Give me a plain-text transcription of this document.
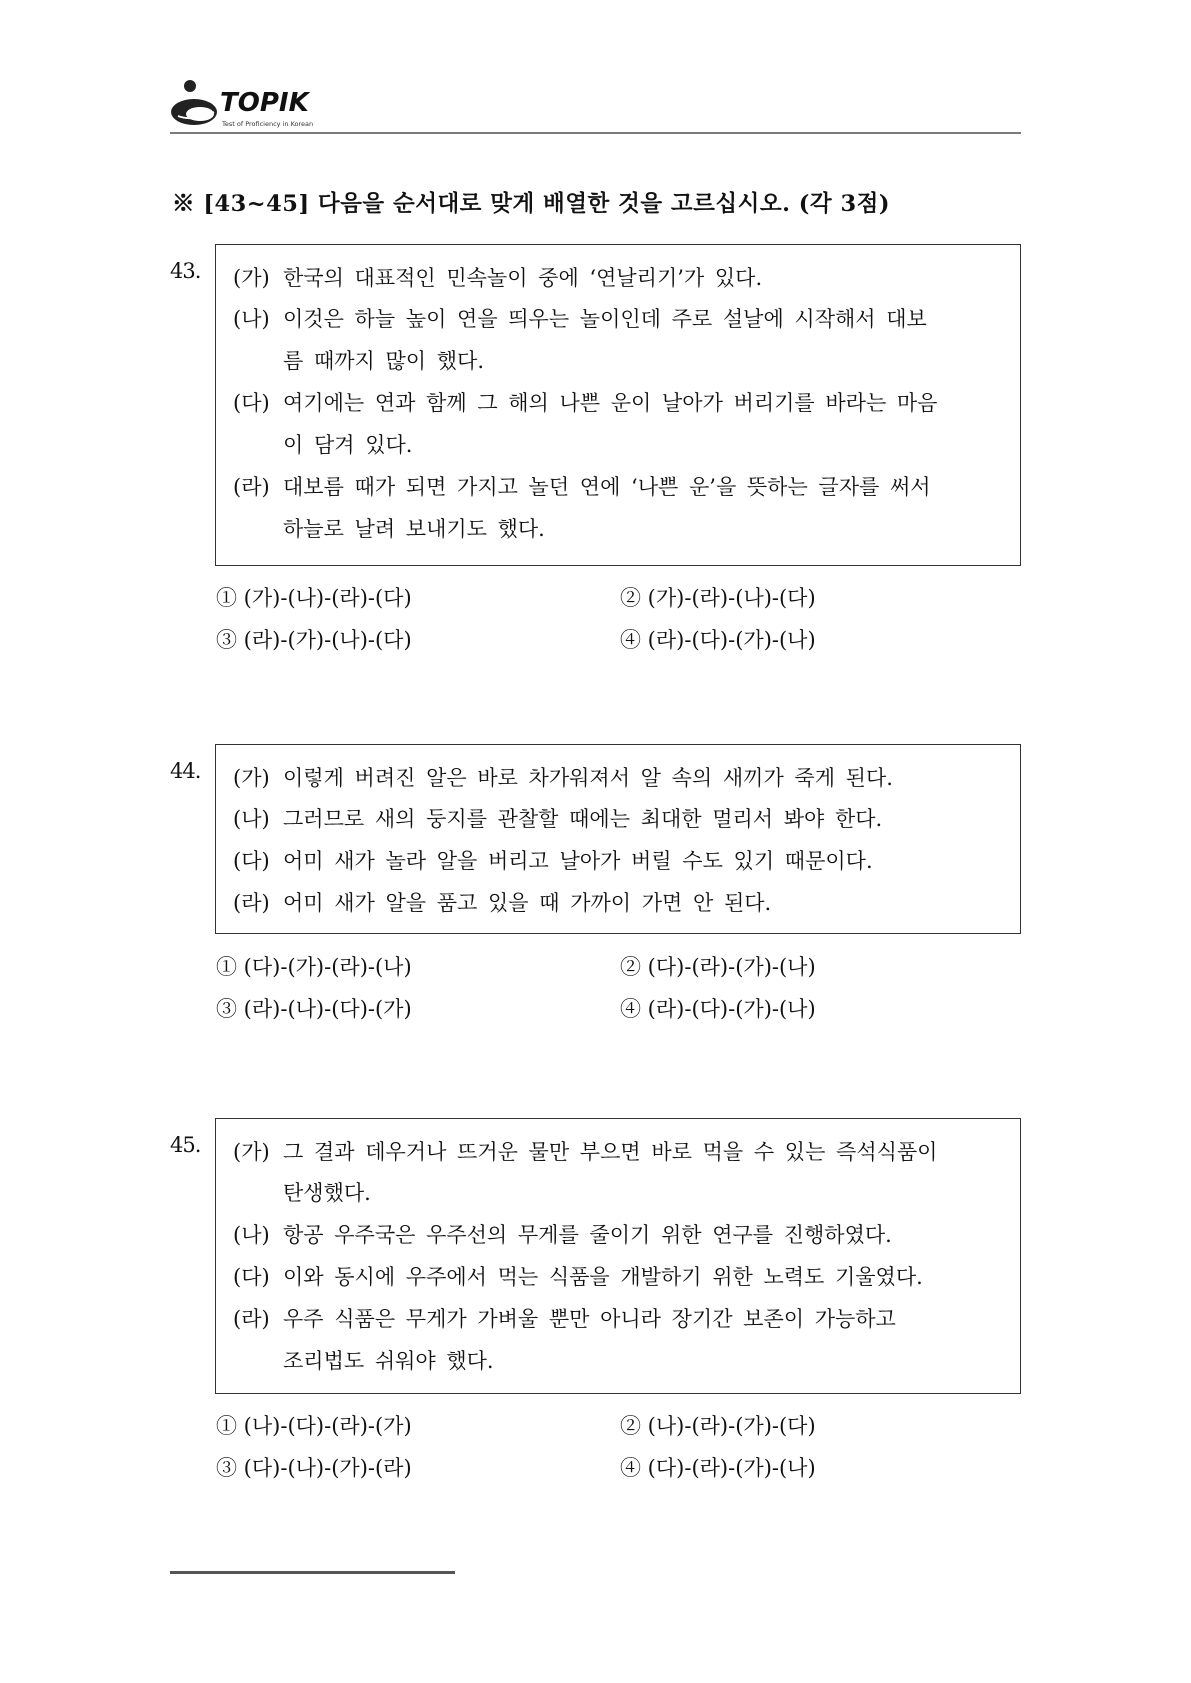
TOPIK
Test of Proficiency in Korean
※ [43~45] 다음을 순서대로 맞게 배열한 것을 고르십시오. (각 3점)
43. (가) 한국의 대표적인 민속놀이 중에 ‘연날리기’가 있다.
(나) 이것은 하늘 높이 연을 띄우는 놀이인데 주로 설날에 시작해서 대보
름 때까지 많이 했다.
(다) 여기에는 연과 함께 그 해의 나쁜 운이 날아가 버리기를 바라는 마음
이 담겨 있다.
(라) 대보름 때가 되면 가지고 놀던 연에 ‘나쁜 운’을 뜻하는 글자를 써서
하늘로 날려 보내기도 했다.
① (가)-(나)-(라)-(다)	② (가)-(라)-(나)-(다)
③ (라)-(가)-(나)-(다)	④ (라)-(다)-(가)-(나)
44. (가) 이렇게 버려진 알은 바로 차가워져서 알 속의 새끼가 죽게 된다.
(나) 그러므로 새의 둥지를 관찰할 때에는 최대한 멀리서 봐야 한다.
(다) 어미 새가 놀라 알을 버리고 날아가 버릴 수도 있기 때문이다.
(라) 어미 새가 알을 품고 있을 때 가까이 가면 안 된다.
① (다)-(가)-(라)-(나)	② (다)-(라)-(가)-(나)
③ (라)-(나)-(다)-(가)	④ (라)-(다)-(가)-(나)
45. (가) 그 결과 데우거나 뜨거운 물만 부으면 바로 먹을 수 있는 즉석식품이
탄생했다.
(나) 항공 우주국은 우주선의 무게를 줄이기 위한 연구를 진행하였다.
(다) 이와 동시에 우주에서 먹는 식품을 개발하기 위한 노력도 기울였다.
(라) 우주 식품은 무게가 가벼울 뿐만 아니라 장기간 보존이 가능하고
조리법도 쉬워야 했다.
① (나)-(다)-(라)-(가)	② (나)-(라)-(가)-(다)
③ (다)-(나)-(가)-(라)	④ (다)-(라)-(가)-(나)
